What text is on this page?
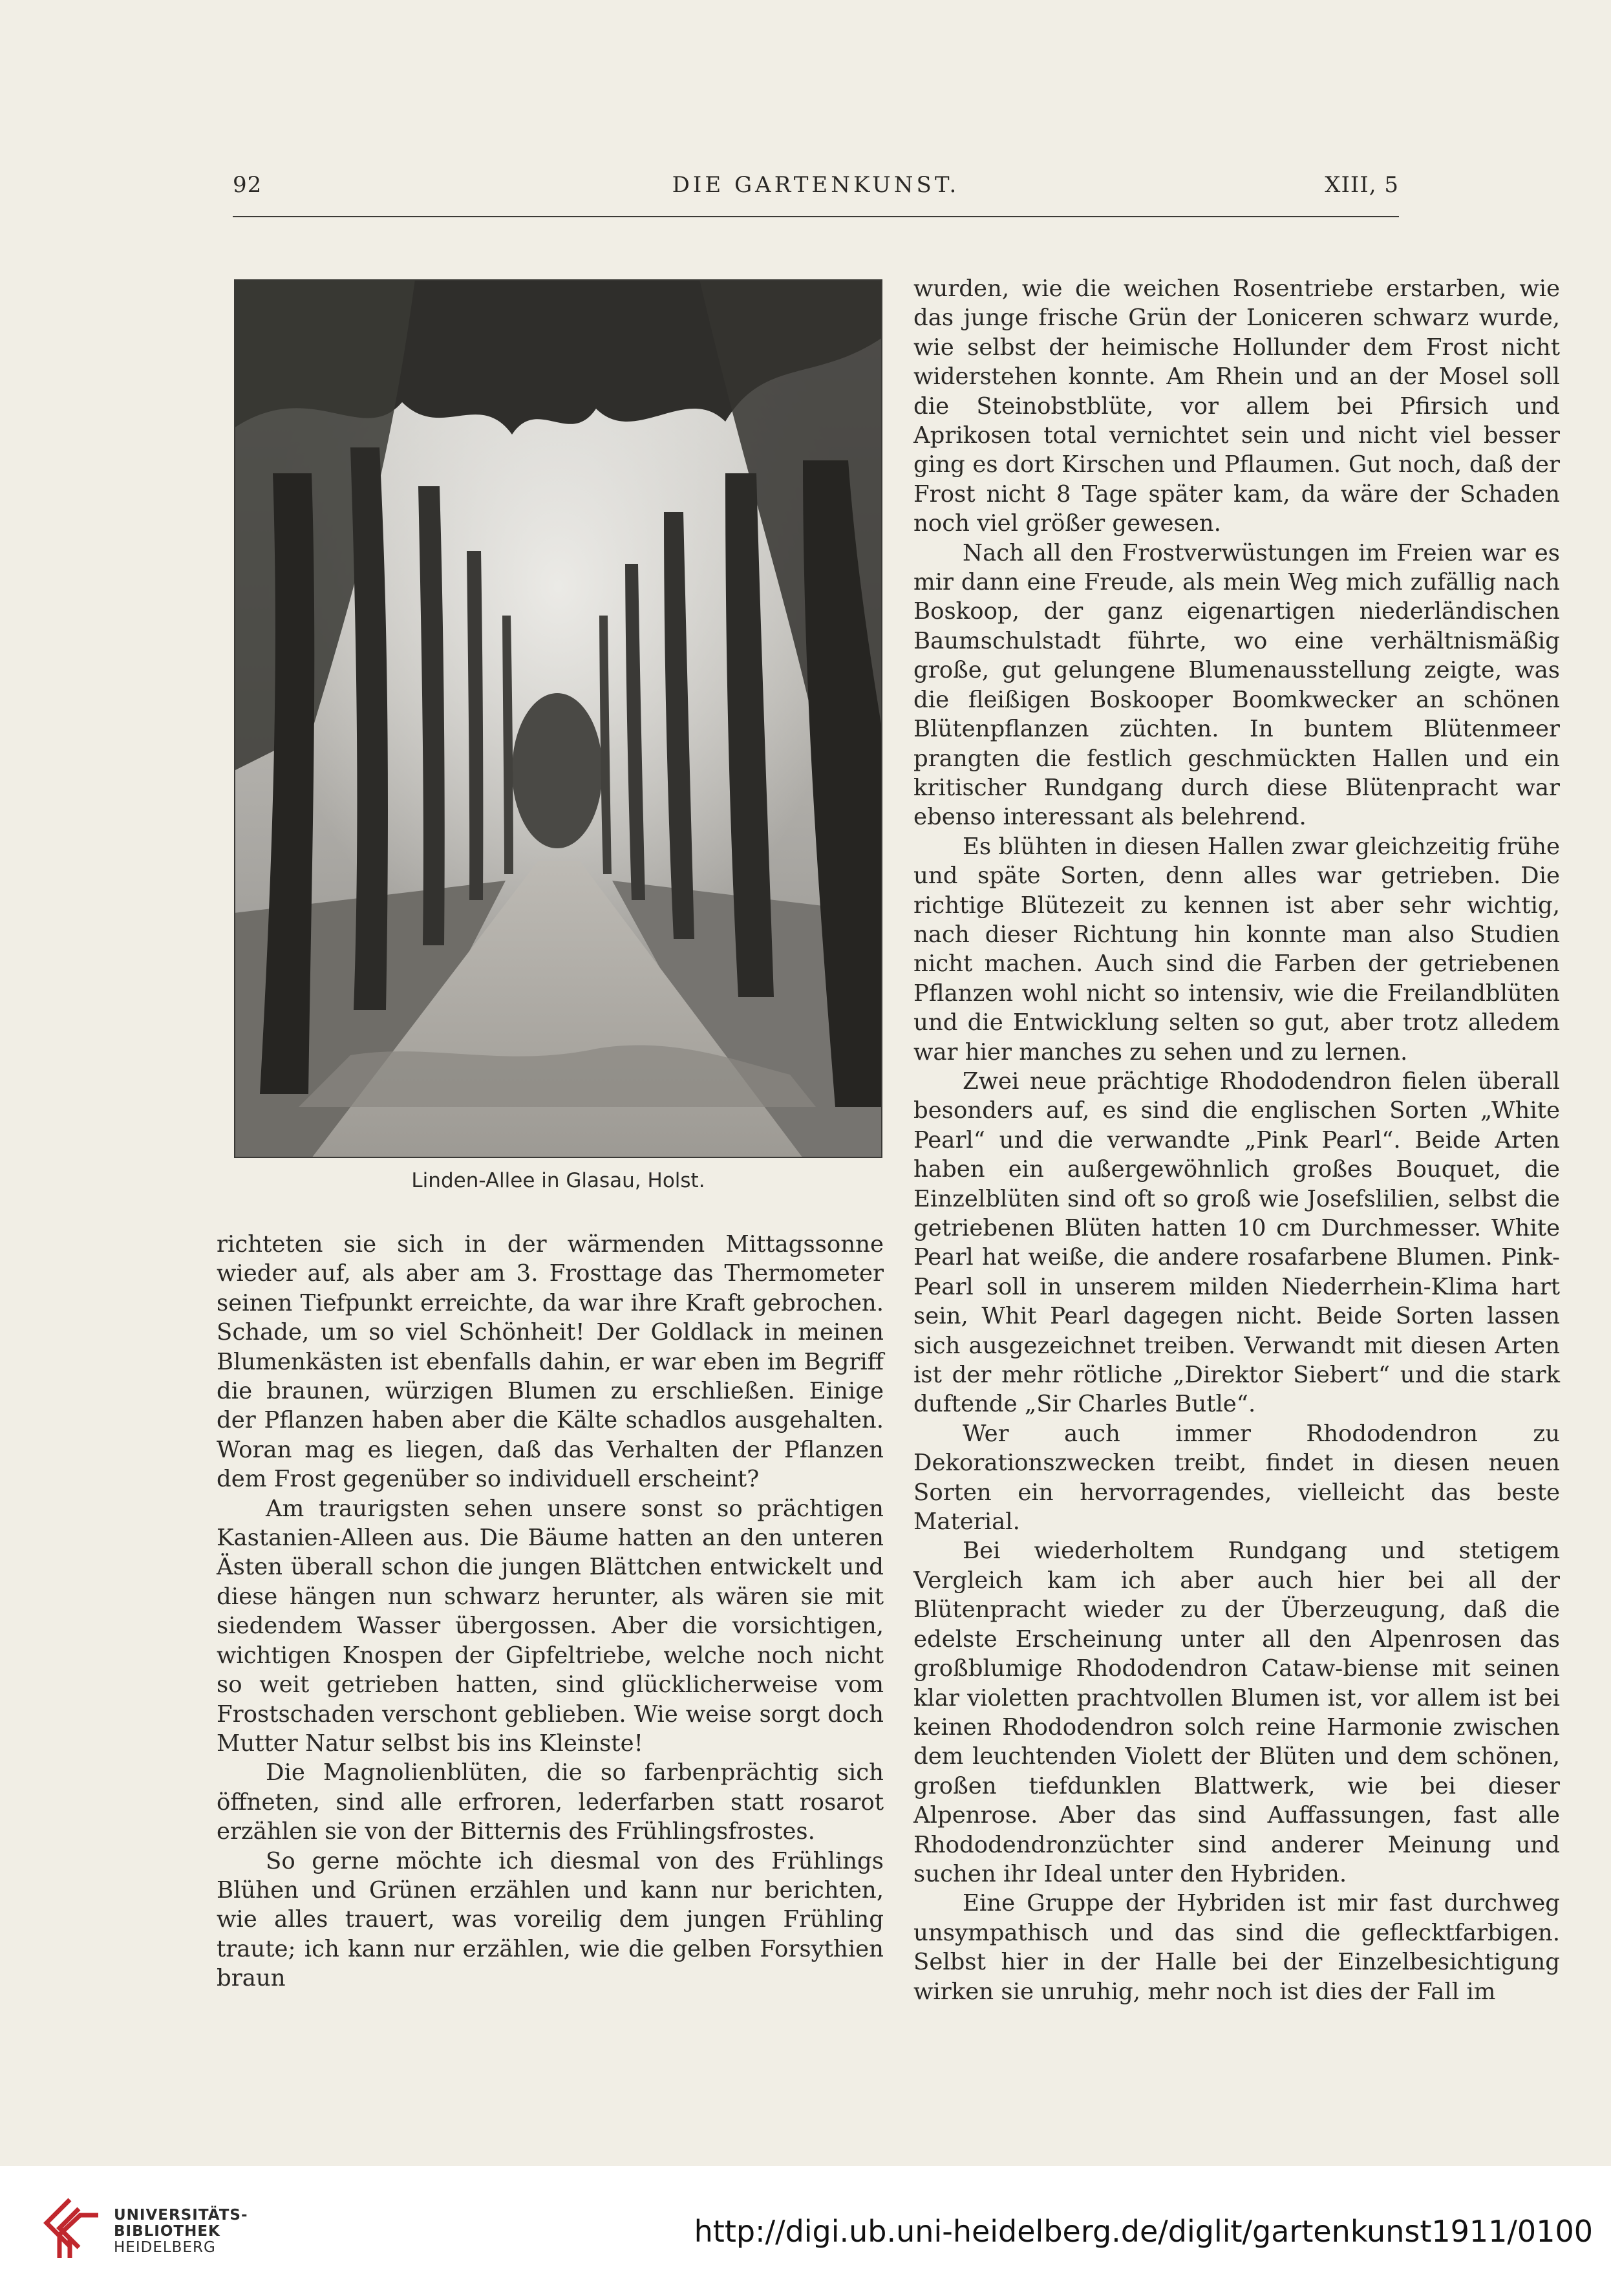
92	DIE GARTENKUNST.	XIII, 5
Linden-Allee in Glasau, Holst.

richteten sie sich in der wärmenden Mittagssonne wieder auf, als aber am 3. Frosttage das Thermometer seinen Tiefpunkt erreichte, da war ihre Kraft gebrochen. Schade, um so viel Schönheit! Der Goldlack in meinen Blumenkästen ist ebenfalls dahin, er war eben im Begriff die braunen, würzigen Blumen zu erschließen. Einige der Pflanzen haben aber die Kälte schadlos ausgehalten. Woran mag es liegen, daß das Verhalten der Pflanzen dem Frost gegenüber so individuell erscheint?

Am traurigsten sehen unsere sonst so prächtigen Kastanien-Alleen aus. Die Bäume hatten an den unteren Ästen überall schon die jungen Blättchen entwickelt und diese hängen nun schwarz herunter, als wären sie mit siedendem Wasser übergossen. Aber die vorsichtigen, wichtigen Knospen der Gipfeltriebe, welche noch nicht so weit getrieben hatten, sind glücklicherweise vom Frostschaden verschont geblieben. Wie weise sorgt doch Mutter Natur selbst bis ins Kleinste!

Die Magnolienblüten, die so farbenprächtig sich öffneten, sind alle erfroren, lederfarben statt rosarot erzählen sie von der Bitternis des Frühlingsfrostes.

So gerne möchte ich diesmal von des Frühlings Blühen und Grünen erzählen und kann nur berichten, wie alles trauert, was voreilig dem jungen Frühling traute; ich kann nur erzählen, wie die gelben Forsythien braun

wurden, wie die weichen Rosentriebe erstarben, wie das junge frische Grün der Loniceren schwarz wurde, wie selbst der heimische Hollunder dem Frost nicht widerstehen konnte. Am Rhein und an der Mosel soll die Steinobstblüte, vor allem bei Pfirsich und Aprikosen total vernichtet sein und nicht viel besser ging es dort Kirschen und Pflaumen. Gut noch, daß der Frost nicht 8 Tage später kam, da wäre der Schaden noch viel größer gewesen.

Nach all den Frostverwüstungen im Freien war es mir dann eine Freude, als mein Weg mich zufällig nach Boskoop, der ganz eigenartigen niederländischen Baumschulstadt führte, wo eine verhältnismäßig große, gut gelungene Blumenausstellung zeigte, was die fleißigen Boskooper Boomkwecker an schönen Blütenpflanzen züchten. In buntem Blütenmeer prangten die festlich geschmückten Hallen und ein kritischer Rundgang durch diese Blütenpracht war ebenso interessant als belehrend.

Es blühten in diesen Hallen zwar gleichzeitig frühe und späte Sorten, denn alles war getrieben. Die richtige Blütezeit zu kennen ist aber sehr wichtig, nach dieser Richtung hin konnte man also Studien nicht machen. Auch sind die Farben der getriebenen Pflanzen wohl nicht so intensiv, wie die Freilandblüten und die Entwicklung selten so gut, aber trotz alledem war hier manches zu sehen und zu lernen.

Zwei neue prächtige Rhododendron fielen überall besonders auf, es sind die englischen Sorten „White Pearl“ und die verwandte „Pink Pearl“. Beide Arten haben ein außergewöhnlich großes Bouquet, die Einzelblüten sind oft so groß wie Josefslilien, selbst die getriebenen Blüten hatten 10 cm Durchmesser. White Pearl hat weiße, die andere rosafarbene Blumen. Pink-Pearl soll in unserem milden Niederrhein-Klima hart sein, Whit Pearl dagegen nicht. Beide Sorten lassen sich ausgezeichnet treiben. Verwandt mit diesen Arten ist der mehr rötliche „Direktor Siebert“ und die stark duftende „Sir Charles Butle“.

Wer auch immer Rhododendron zu Dekorationszwecken treibt, findet in diesen neuen Sorten ein hervorragendes, vielleicht das beste Material.

Bei wiederholtem Rundgang und stetigem Vergleich kam ich aber auch hier bei all der Blütenpracht wieder zu der Überzeugung, daß die edelste Erscheinung unter all den Alpenrosen das großblumige Rhododendron Cataw-biense mit seinen klar violetten prachtvollen Blumen ist, vor allem ist bei keinen Rhododendron solch reine Harmonie zwischen dem leuchtenden Violett der Blüten und dem schönen, großen tiefdunklen Blattwerk, wie bei dieser Alpenrose. Aber das sind Auffassungen, fast alle Rhododendronzüchter sind anderer Meinung und suchen ihr Ideal unter den Hybriden.

Eine Gruppe der Hybriden ist mir fast durchweg unsympathisch und das sind die geflecktfarbigen. Selbst hier in der Halle bei der Einzelbesichtigung wirken sie unruhig, mehr noch ist dies der Fall im

UNIVERSITÄTS-
BIBLIOTHEK
HEIDELBERG	http://digi.ub.uni-heidelberg.de/diglit/gartenkunst1911/0100
